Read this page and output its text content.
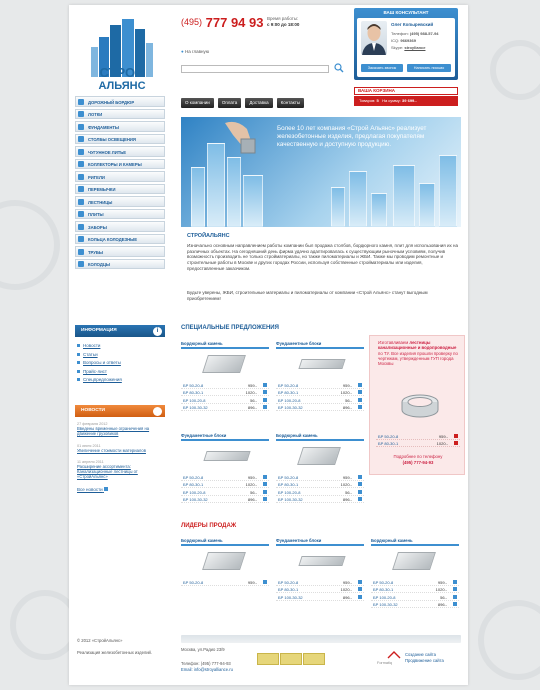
СТРОЙ
АЛЬЯНС
(495) 777 94 93 Время работы:
с 9:00 до 18:00
● На главную
ВАШ КОНСУЛЬТАНТ
Олег Копыревский
Телефон: (495) 988-57-94
ICQ: 9669369
Skype: stroyllance
Заказать звонок	Написать письмо
ВАША КОРЗИНА
Товаров: 5 На сумму: 39 699.-
О компании	Оплата	Доставка	Контакты
ДОРОЖНЫЙ БОРДЮР
ЛОТКИ
ФУНДАМЕНТЫ
СТОЛБЫ ОСВЕЩЕНИЯ
ЧУГУННОЕ ЛИТЬЕ
КОЛЛЕКТОРЫ И КАМЕРЫ
РИГЕЛИ
ПЕРЕМЫЧКИ
ЛЕСТНИЦЫ
ПЛИТЫ
ЗАБОРЫ
КОЛЬЦА КОЛОДЕЗНЫЕ
ТРУБЫ
КОЛОДЦЫ
ИНФОРМАЦИЯ	i
Новости
Статьи
Вопросы и ответы
Прайс-лист
Спецпредложения
НОВОСТИ
27 февраля 2012
Введены временные ограничения на движение грузовиков
01 июня 2011
Увеличение стоимости материалов
11 апреля 2011
Расширение ассортимента: Канализационные лестницы от «СтройАльянс»
Все новости
Более 10 лет компания «Строй Альянс» реализует железобетонные изделия, предлагая покупателям качественную и доступную продукцию.
СТРОЙАЛЬЯНС
Изначально основным направлением работы компании был продажа столбов, бордюрного камня, плит для использования их на различных объектах. На сегодняшний день фирма удачно адаптировалась к существующим рыночным условиям, получив возможность производить не только стройматериалы, но также пиломатериалы и ЖБИ. Также мы проводим ремонтные и строительные работы в Москве и других городах России, используя собственные стройматериалы или изделия, предоставленные заказчиком.
Будьте уверены, ЖБИ, строительные материалы и пиломатериалы от компании «Строй Альянс» станут выгодным приобретением!
СПЕЦИАЛЬНЫЕ ПРЕДЛОЖЕНИЯ
Бордюрный камень
БР 50-20-8	959.-
БР 80-30-1	1020.-
БР 100-20-8	56.-
БР 100-30-32	896.-
Фундаментные блоки
БР 50-20-8	959.-
БР 80-30-1	1020.-
БР 100-20-8	56.-
БР 100-30-32	896.-
Фундаментные блоки
БР 50-20-8	959.-
БР 80-30-1	1020.-
БР 100-20-8	56.-
БР 100-30-32	896.-
Бордюрный камень
БР 50-20-8	959.-
БР 80-30-1	1020.-
БР 100-20-8	56.-
БР 100-30-32	896.-
Изготавливаем лестницы канализационные и водопроводные по ТУ. Все изделия прошли проверку по чертежам, утвержденным ГУП города Москвы
БР 50-20-8	959.-
БР 80-30-1	1020.-
Подробнее по телефону
(495) 777-94-93
ЛИДЕРЫ ПРОДАЖ
Бордюрный камень
БР 50-20-8	959.-
Фундаментные блоки
БР 50-20-8	959.-
БР 80-30-1	1020.-
БР 100-30-32	896.-
Бордюрный камень
БР 50-20-8	959.-
БР 80-30-1	1020.-
БР 100-20-8	56.-
БР 100-30-32	896.-
© 2012 «СтройАльянс»
Реализация железобетонных изделий.
Москва, ул.Радио 23/9
Телефон: (495) 777-94-93
Email: info@stroyalliance.ru
Formatiq
Создание сайта
Продвижение сайта
